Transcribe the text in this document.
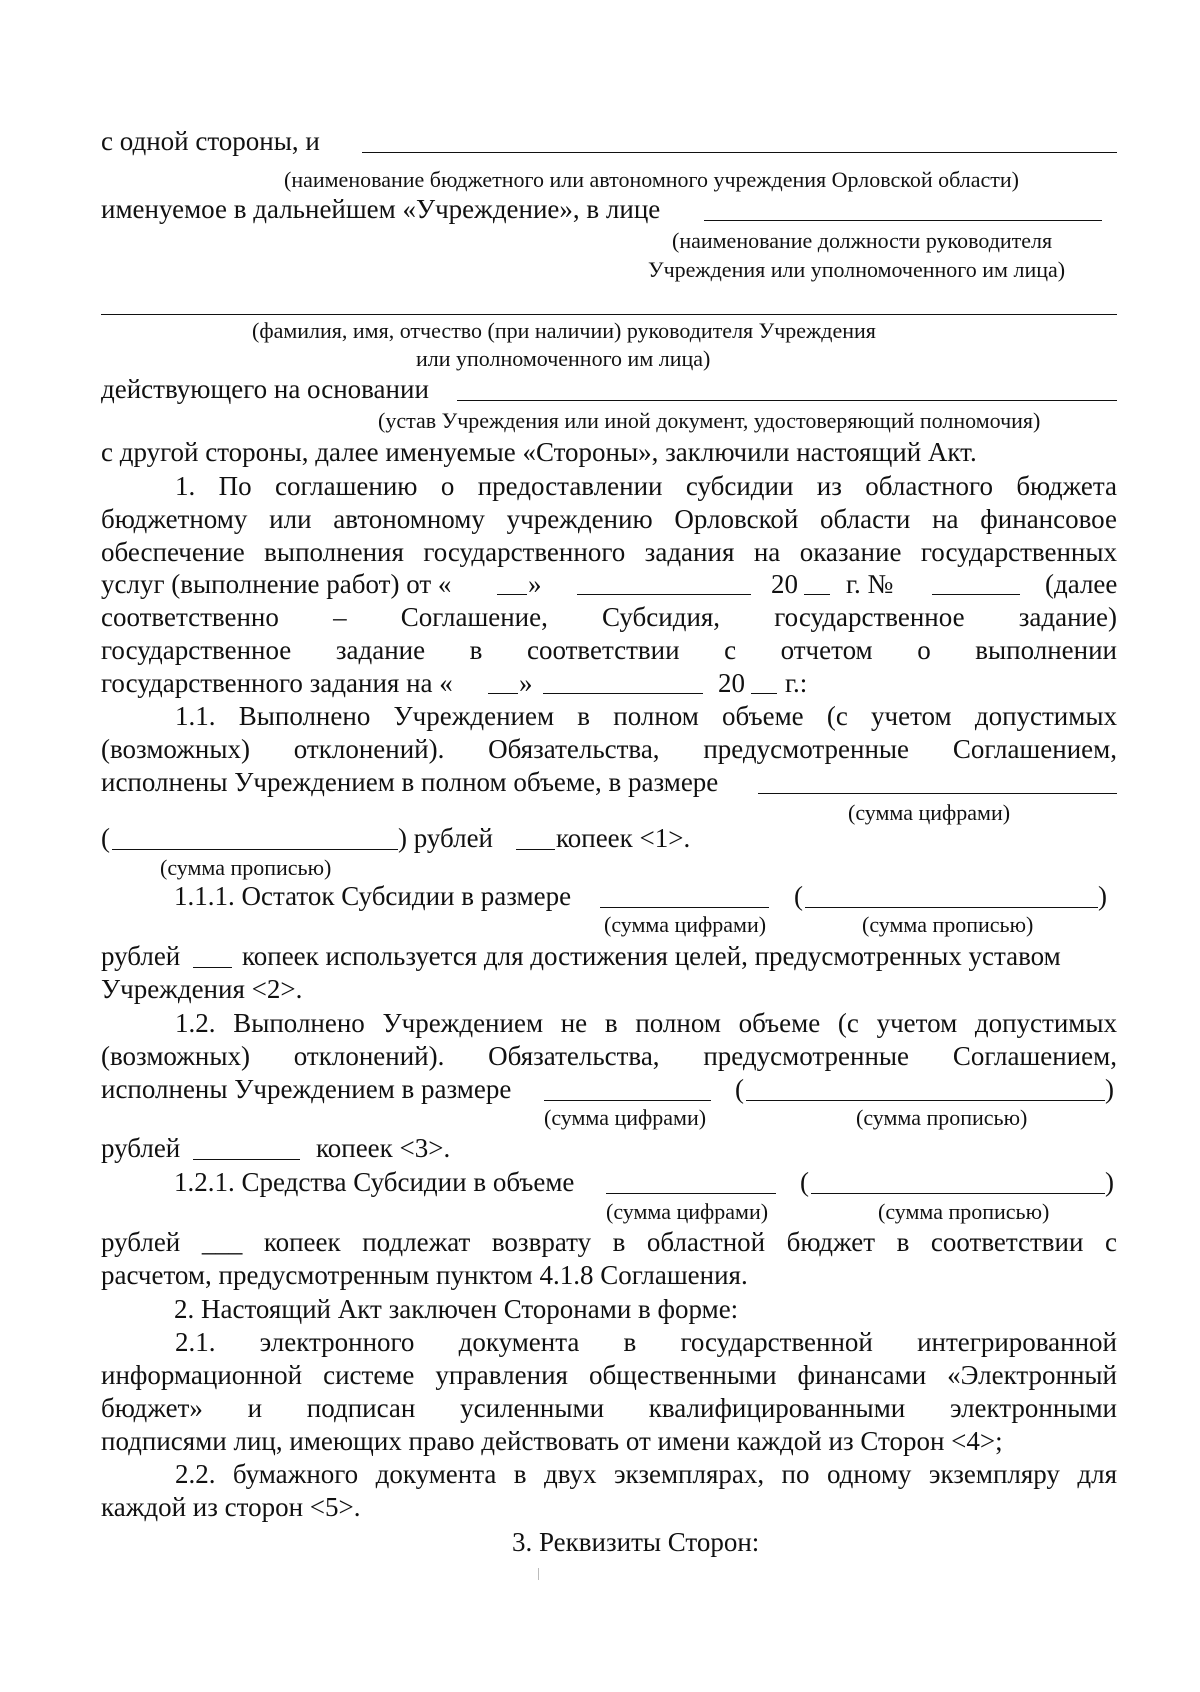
с одной стороны, и
(наименование бюджетного или автономного учреждения Орловской области)
именуемое в дальнейшем «Учреждение», в лице
(наименование должности руководителя
Учреждения или уполномоченного им лица)
(фамилия, имя, отчество (при наличии) руководителя Учреждения
или уполномоченного им лица)
действующего на основании
(устав Учреждения или иной документ, удостоверяющий полномочия)
с другой стороны, далее именуемые «Стороны», заключили настоящий Акт.
1. По соглашению о предоставлении субсидии из областного бюджета
бюджетному или автономному учреждению Орловской области на финансовое
обеспечение выполнения государственного задания на оказание государственных
услуг (выполнение работ) от «	»	20 г. №	(далее
соответственно – Соглашение, Субсидия, государственное задание)
государственное задание в соответствии с отчетом о выполнении
государственного задания на « »	20 г.:
1.1. Выполнено Учреждением в полном объеме (с учетом допустимых
(возможных) отклонений). Обязательства, предусмотренные Соглашением,
исполнены Учреждением в полном объеме, в размере
(сумма цифрами)
(	) рублей копеек <1>.
(сумма прописью)
1.1.1. Остаток Субсидии в размере	(	)
(сумма цифрами)	(сумма прописью)
рублей копеек используется для достижения целей, предусмотренных уставом
Учреждения <2>.
1.2. Выполнено Учреждением не в полном объеме (с учетом допустимых
(возможных) отклонений). Обязательства, предусмотренные Соглашением,
исполнены Учреждением в размере	(	)
(сумма цифрами)	(сумма прописью)
рублей	копеек <3>.
1.2.1. Средства Субсидии в объеме	(	)
(сумма цифрами)	(сумма прописью)
рублей ___ копеек подлежат возврату в областной бюджет в соответствии с
расчетом, предусмотренным пунктом 4.1.8 Соглашения.
2. Настоящий Акт заключен Сторонами в форме:
2.1. электронного документа в государственной интегрированной
информационной системе управления общественными финансами «Электронный
бюджет» и подписан усиленными квалифицированными электронными
подписями лиц, имеющих право действовать от имени каждой из Сторон <4>;
2.2. бумажного документа в двух экземплярах, по одному экземпляру для
каждой из сторон <5>.
3. Реквизиты Сторон:
